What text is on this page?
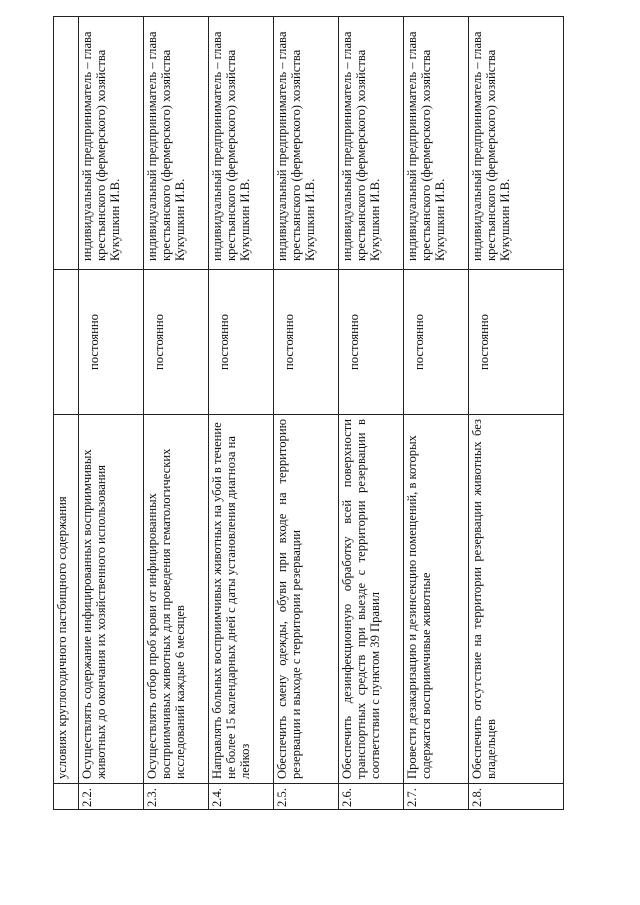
	условиях круглогодичного пастбищного содержания		
2.2.	Осуществлять содержание инфицированных восприимчивых животных до окончания их хозяйственного использования	постоянно	индивидуальный предприниматель – глава крестьянского (фермерского) хозяйства Кукушкин И.В.
2.3.	Осуществлять отбор проб крови от инфицированных восприимчивых животных для проведения гематологических исследований каждые 6 месяцев	постоянно	индивидуальный предприниматель – глава крестьянского (фермерского) хозяйства Кукушкин И.В.
2.4.	Направлять больных восприимчивых животных на убой в течение не более 15 календарных дней с даты установления диагноза на лейкоз	постоянно	индивидуальный предприниматель – глава крестьянского (фермерского) хозяйства Кукушкин И.В.
2.5.	Обеспечить смену одежды, обуви при входе на территорию резервации и выходе с территории резервации	постоянно	индивидуальный предприниматель – глава крестьянского (фермерского) хозяйства Кукушкин И.В.
2.6.	Обеспечить дезинфекционную обработку всей поверхности транспортных средств при выезде с территории резервации в соответствии с пунктом 39 Правил	постоянно	индивидуальный предприниматель – глава крестьянского (фермерского) хозяйства Кукушкин И.В.
2.7.	Провести дезакаризацию и дезинсекцию помещений, в которых содержатся восприимчивые животные	постоянно	индивидуальный предприниматель – глава крестьянского (фермерского) хозяйства Кукушкин И.В.
2.8.	Обеспечить отсутствие на территории резервации животных без владельцев	постоянно	индивидуальный предприниматель – глава крестьянского (фермерского) хозяйства Кукушкин И.В.
